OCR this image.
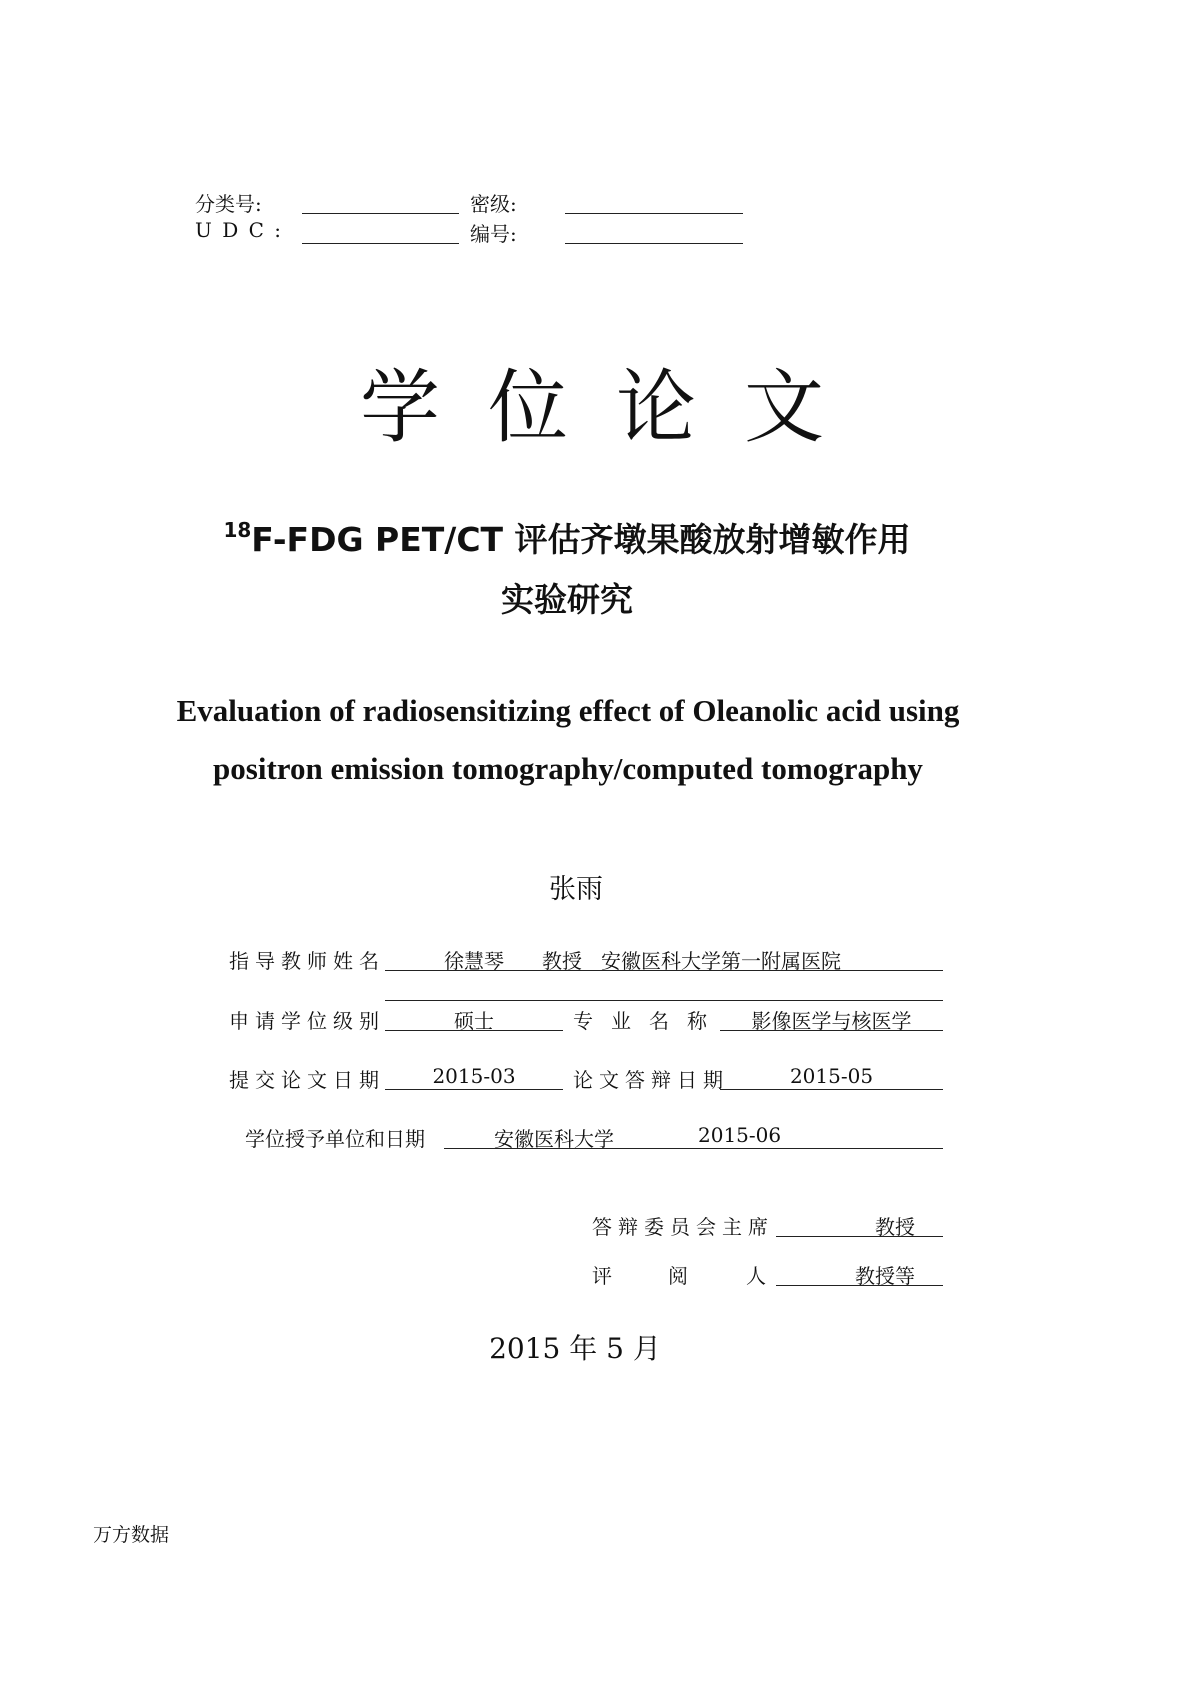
分类号:	密级:
U D C :	编号:
学位论文
$^{18}$F-FDG PET/CT 评估齐墩果酸放射增敏作用
实验研究
Evaluation of radiosensitizing effect of Oleanolic acid using
positron emission tomography/computed tomography
张雨
指导教师姓名	徐慧琴 教授 安徽医科大学第一附属医院
申请学位级别	硕士	专业名称	影像医学与核医学
提交论文日期	2015-03	论文答辩日期	2015-05
学位授予单位和日期	安徽医科大学	2015-06
答辩委员会主席	教授
评	阅	人	教授等
2015 年 5 月
万方数据
